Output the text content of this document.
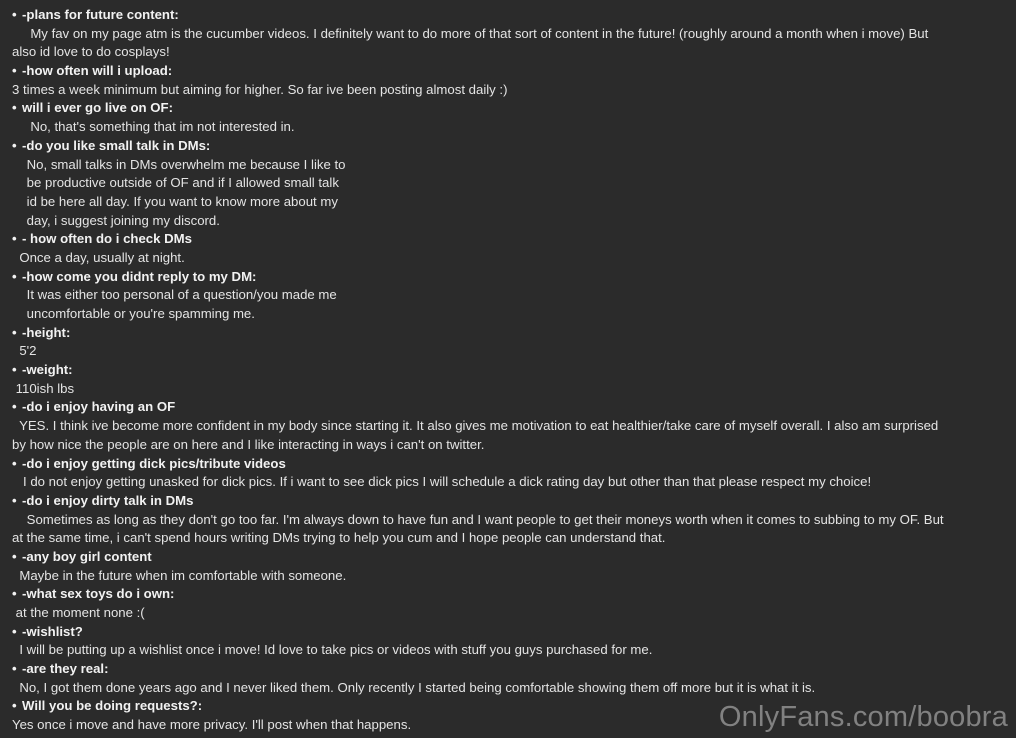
• -plans for future content:
My fav on my page atm is the cucumber videos. I definitely want to do more of that sort of content in the future! (roughly around a month when i move) But
also id love to do cosplays!
• -how often will i upload:
3 times a week minimum but aiming for higher. So far ive been posting almost daily :)
• will i ever go live on OF:
No, that's something that im not interested in.
• -do you like small talk in DMs:
No, small talks in DMs overwhelm me because I like to
be productive outside of OF and if I allowed small talk
id be here all day. If you want to know more about my
day, i suggest joining my discord.
• - how often do i check DMs
Once a day, usually at night.
• -how come you didnt reply to my DM:
It was either too personal of a question/you made me
uncomfortable or you're spamming me.
• -height:
5'2
• -weight:
110ish lbs
• -do i enjoy having an OF
YES. I think ive become more confident in my body since starting it. It also gives me motivation to eat healthier/take care of myself overall. I also am surprised
by how nice the people are on here and I like interacting in ways i can't on twitter.
• -do i enjoy getting dick pics/tribute videos
I do not enjoy getting unasked for dick pics. If i want to see dick pics I will schedule a dick rating day but other than that please respect my choice!
• -do i enjoy dirty talk in DMs
Sometimes as long as they don't go too far. I'm always down to have fun and I want people to get their moneys worth when it comes to subbing to my OF. But
at the same time, i can't spend hours writing DMs trying to help you cum and I hope people can understand that.
• -any boy girl content
Maybe in the future when im comfortable with someone.
• -what sex toys do i own:
at the moment none :(
• -wishlist?
I will be putting up a wishlist once i move! Id love to take pics or videos with stuff you guys purchased for me.
• -are they real:
No, I got them done years ago and I never liked them. Only recently I started being comfortable showing them off more but it is what it is.
• Will you be doing requests?:
Yes once i move and have more privacy. I'll post when that happens.	OnlyFans.com/boobra
